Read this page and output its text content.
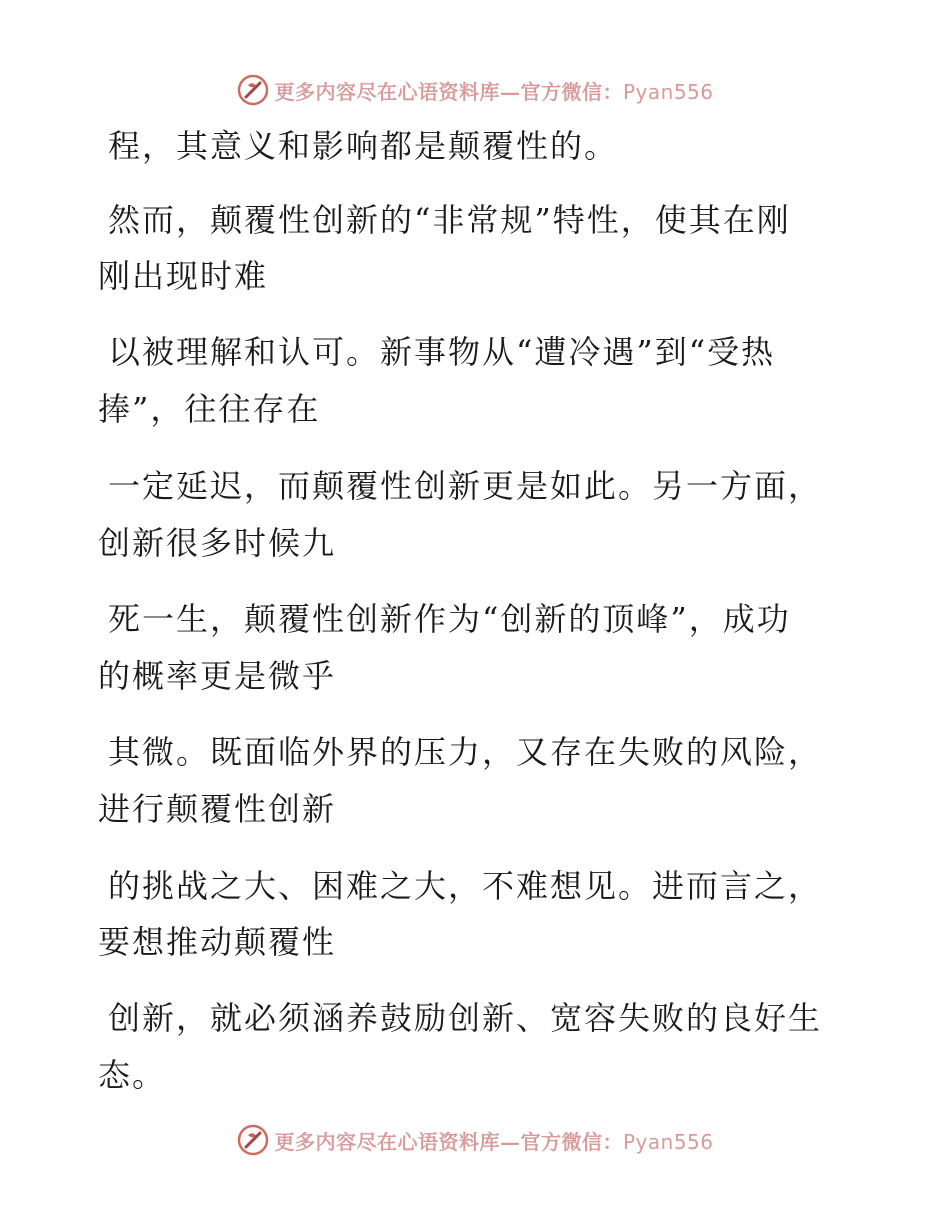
更多内容尽在心语资料库—官方微信：Pyan556
程，其意义和影响都是颠覆性的。
然而，颠覆性创新的“非常规”特性，使其在刚
刚出现时难
以被理解和认可。新事物从“遭冷遇”到“受热
捧”，往往存在
一定延迟，而颠覆性创新更是如此。另一方面，
创新很多时候九
死一生，颠覆性创新作为“创新的顶峰”，成功
的概率更是微乎
其微。既面临外界的压力，又存在失败的风险，
进行颠覆性创新
的挑战之大、困难之大，不难想见。进而言之，
要想推动颠覆性
创新，就必须涵养鼓励创新、宽容失败的良好生
态。
更多内容尽在心语资料库—官方微信：Pyan556
